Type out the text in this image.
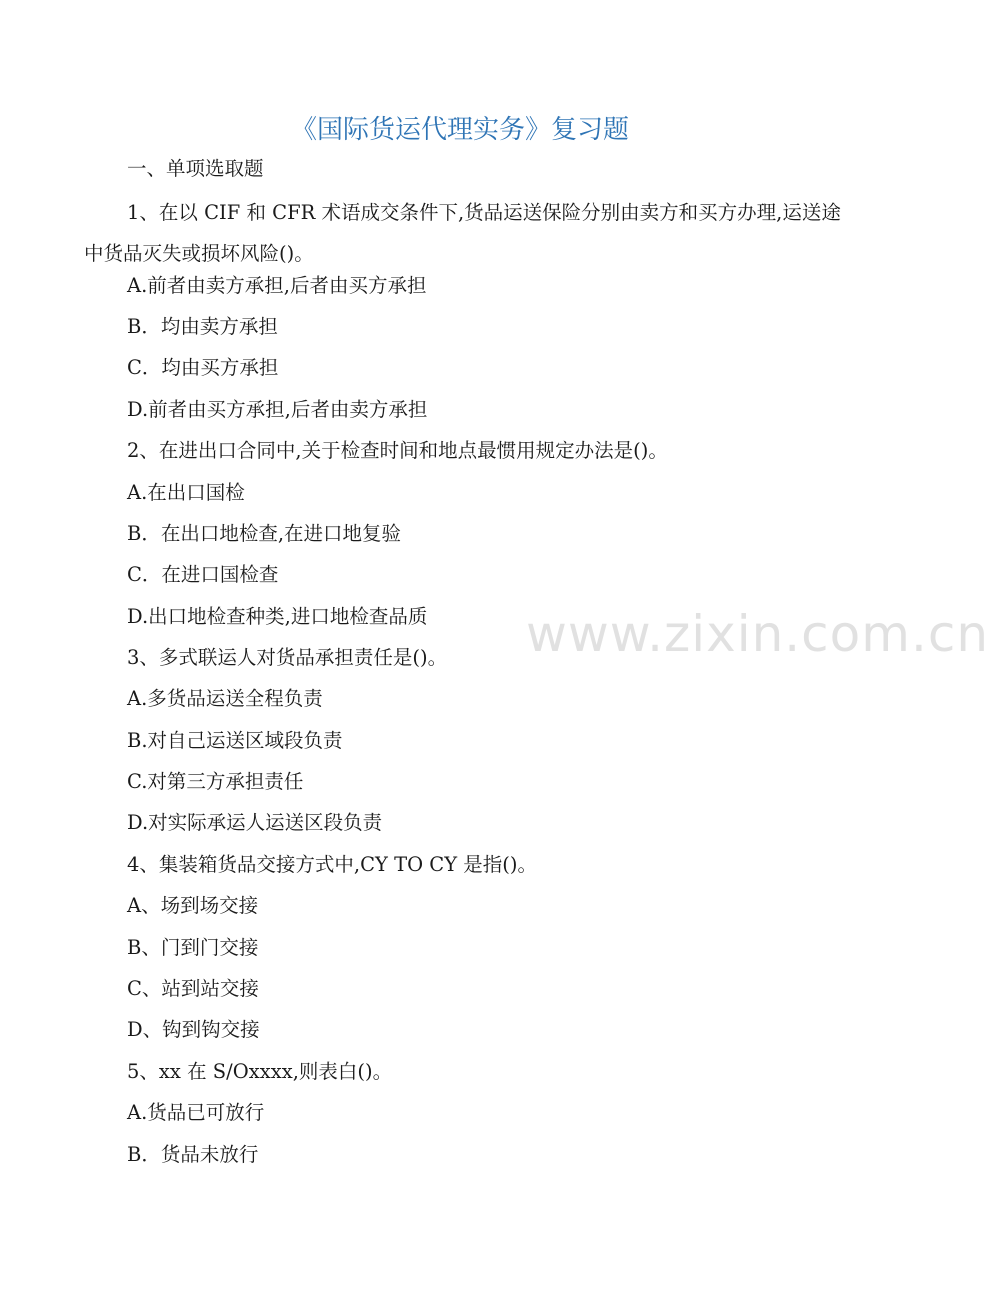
《国际货运代理实务》复习题
一、单项选取题
1、在以 CIF 和 CFR 术语成交条件下,货品运送保险分别由卖方和买方办理,运送途中货品灭失或损坏风险()。
A.前者由卖方承担,后者由买方承担
B．均由卖方承担
C．均由买方承担
D.前者由买方承担,后者由卖方承担
2、在进出口合同中,关于检查时间和地点最惯用规定办法是()。
A.在出口国检
B．在出口地检查,在进口地复验
C．在进口国检查
D.出口地检查种类,进口地检查品质
3、多式联运人对货品承担责任是()。
A.多货品运送全程负责
B.对自己运送区域段负责
C.对第三方承担责任
D.对实际承运人运送区段负责
4、集装箱货品交接方式中,CY TO CY 是指()。
A、场到场交接
B、门到门交接
C、站到站交接
D、钩到钩交接
5、xx 在 S/Oxxxx,则表白()。
A.货品已可放行
B．货品未放行
www.zixin.com.cn
